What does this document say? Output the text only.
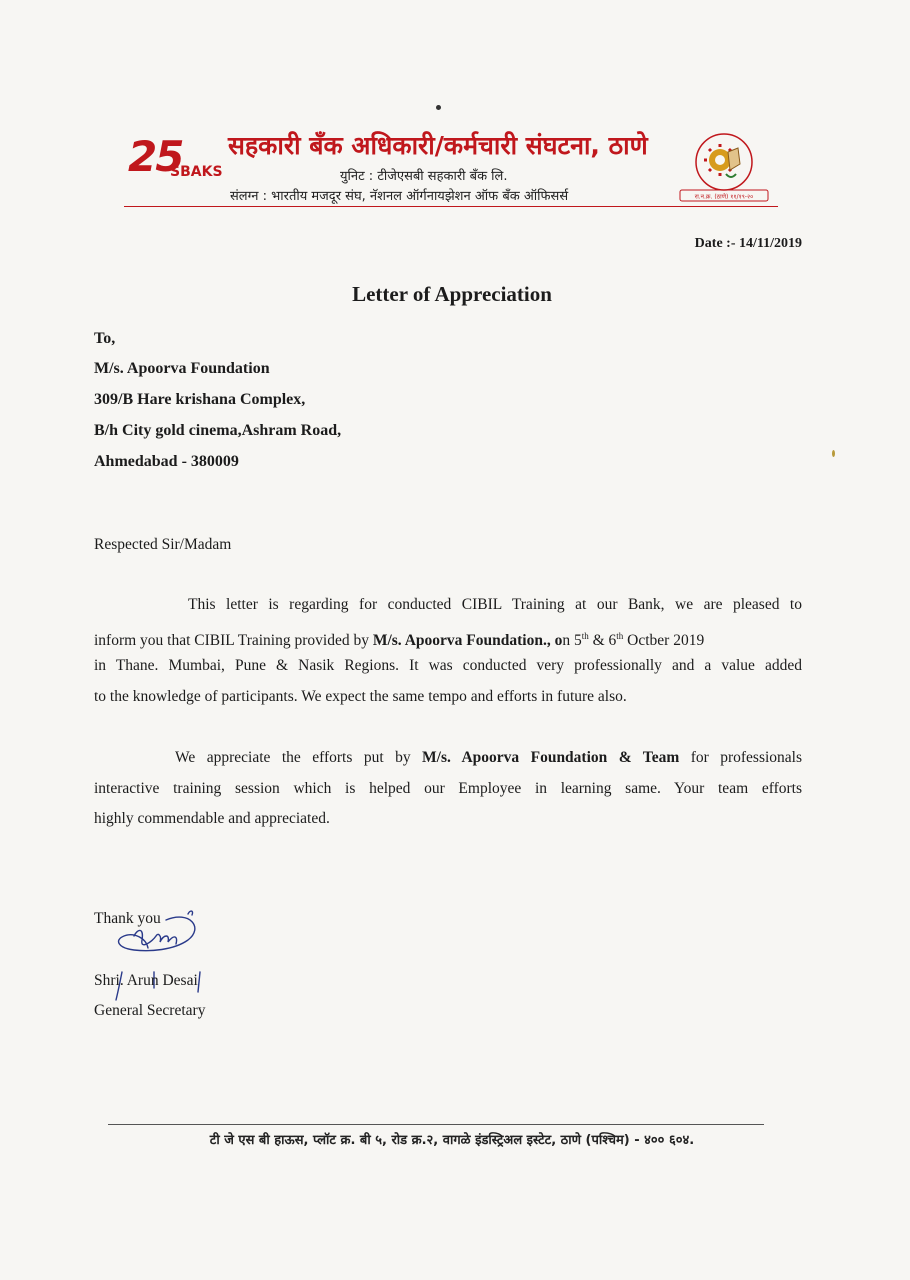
25
SBAKS
सहकारी बँक अधिकारी/कर्मचारी संघटना, ठाणे
युनिट : टीजेएसबी सहकारी बँक लि.
संलग्न : भारतीय मजदूर संघ, नॅशनल ऑर्गनायझेशन ऑफ बँक ऑफिसर्स	रा.न.क्र. (ठाणे) ११/१९-२०
Date :- 14/11/2019
Letter of Appreciation
To,
M/s. Apoorva Foundation
309/B Hare krishana Complex,
B/h City gold cinema,Ashram Road,
Ahmedabad - 380009
Respected Sir/Madam
This letter is regarding for conducted CIBIL Training at our Bank, we are pleased to
inform you that CIBIL Training provided by M/s. Apoorva Foundation., on 5th & 6th Octber 2019
in Thane. Mumbai, Pune & Nasik Regions. It was conducted very professionally and a value added
to the knowledge of participants. We expect the same tempo and efforts in future also.
We appreciate the efforts put by M/s. Apoorva Foundation & Team for professionals
interactive training session which is helped our Employee in learning same. Your team efforts
highly commendable and appreciated.
Thank you
Shri. Arun Desai
General Secretary
टी जे एस बी हाऊस, प्लॉट क्र. बी ५, रोड क्र.२, वागळे इंडस्ट्रिअल इस्टेट, ठाणे (पश्चिम) - ४०० ६०४.
